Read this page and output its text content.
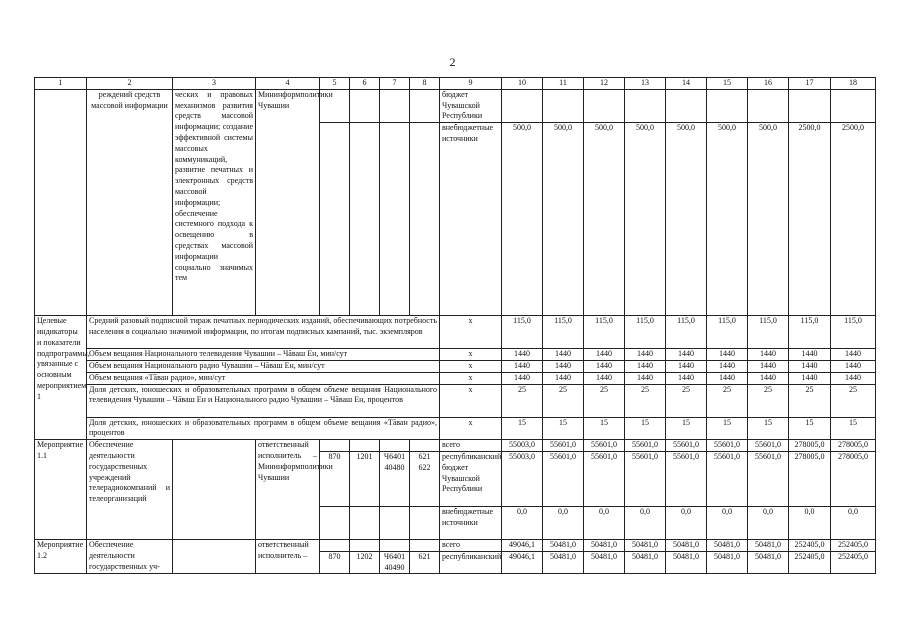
2
1	2	3	4	5	6	7	8	9	10	11	12	13	14	15	16	17	18
	реждений средств массовой информации	ческих и правовых механизмов развития средств массовой информации; создание эффективной системы массовых коммуникаций, развитие печатных и электронных средств массовой информации; обеспечение системного подхода к освещению в средствах массовой информации социально значимых тем	Мининформполитики Чувашии					бюджет Чувашской Республики									
								внебюджетные источники	500,0	500,0	500,0	500,0	500,0	500,0	500,0	2500,0	2500,0
Целевые индикаторы и показатели подпрограммы, увязанные с основным мероприятием 1	Средний разовый подписной тираж печатных периодических изданий, обеспечивающих потребность населения в социально значимой информации, по итогам подписных кампаний, тыс. экземпляров							х	115,0	115,0	115,0	115,0	115,0	115,0	115,0	115,0	115,0
	Объем вещания Национального телевидения Чувашии – Чăваш Ен, мин/сут							х	1440	1440	1440	1440	1440	1440	1440	1440	1440
	Объем вещания Национального радио Чувашии – Чăваш Ен, мин/сут							х	1440	1440	1440	1440	1440	1440	1440	1440	1440
	Объем вещания «Тăван радио», мин/сут							х	1440	1440	1440	1440	1440	1440	1440	1440	1440
	Доля детских, юношеских и образовательных программ в общем объеме вещания Национального телевидения Чувашии – Чăваш Ен и Национального радио Чувашии – Чăваш Ен, процентов							х	25	25	25	25	25	25	25	25	25
	Доля детских, юношеских и образовательных программ в общем объеме вещания «Тăван радио», процентов							х	15	15	15	15	15	15	15	15	15
Мероприятие 1.1	Обеспечение деятельности государственных учреждений телерадиокомпаний и телеорганизаций		ответственный исполнитель – Мининформполитики Чувашии					всего	55003,0	55601,0	55601,0	55601,0	55601,0	55601,0	55601,0	278005,0	278005,0
				870	1201	Ч6401 40480	621 622	республиканский бюджет Чувашской Республики	55003,0	55601,0	55601,0	55601,0	55601,0	55601,0	55601,0	278005,0	278005,0
								внебюджетные источники	0,0	0,0	0,0	0,0	0,0	0,0	0,0	0,0	0,0
Мероприятие 1.2	Обеспечение деятельности государственных уч-		ответственный исполнитель –					всего	49046,1	50481,0	50481,0	50481,0	50481,0	50481,0	50481,0	252405,0	252405,0
				870	1202	Ч6401 40490	621	республиканский	49046,1	50481,0	50481,0	50481,0	50481,0	50481,0	50481,0	252405,0	252405,0
